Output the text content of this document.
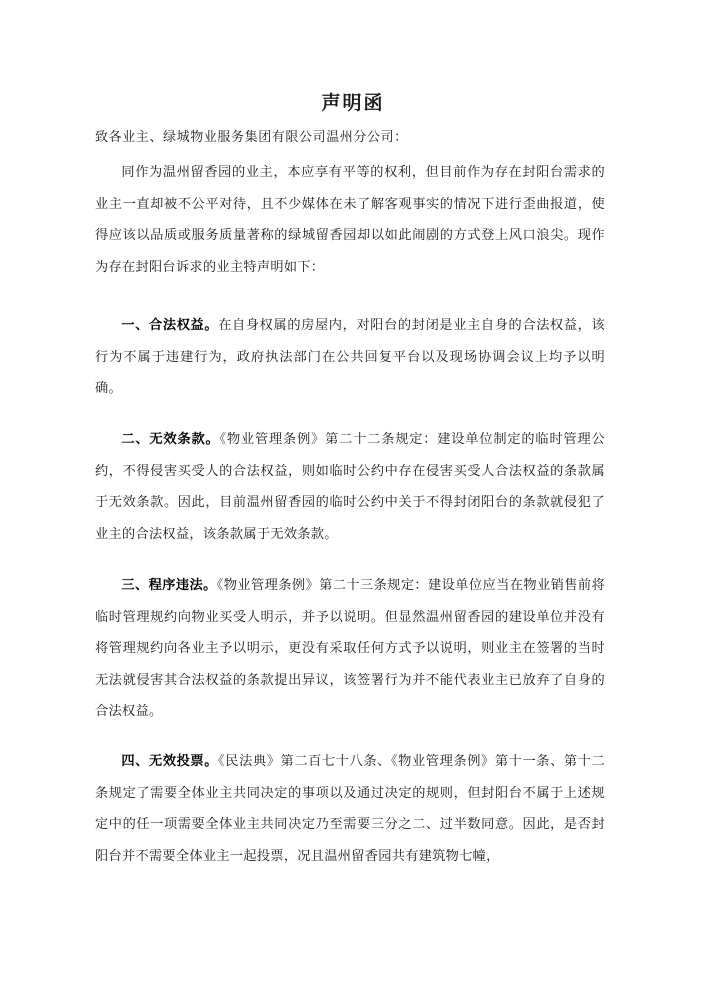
声明函
致各业主、绿城物业服务集团有限公司温州分公司：

同作为温州留香园的业主，本应享有平等的权利，但目前作为存在封阳台需求的业主一直却被不公平对待，且不少媒体在未了解客观事实的情况下进行歪曲报道，使得应该以品质或服务质量著称的绿城留香园却以如此闹剧的方式登上风口浪尖。现作为存在封阳台诉求的业主特声明如下：

一、合法权益。在自身权属的房屋内，对阳台的封闭是业主自身的合法权益，该行为不属于违建行为，政府执法部门在公共回复平台以及现场协调会议上均予以明确。

二、无效条款。《物业管理条例》第二十二条规定：建设单位制定的临时管理公约，不得侵害买受人的合法权益，则如临时公约中存在侵害买受人合法权益的条款属于无效条款。因此，目前温州留香园的临时公约中关于不得封闭阳台的条款就侵犯了业主的合法权益，该条款属于无效条款。

三、程序违法。《物业管理条例》第二十三条规定：建设单位应当在物业销售前将临时管理规约向物业买受人明示，并予以说明。但显然温州留香园的建设单位并没有将管理规约向各业主予以明示，更没有采取任何方式予以说明，则业主在签署的当时无法就侵害其合法权益的条款提出异议，该签署行为并不能代表业主已放弃了自身的合法权益。

四、无效投票。《民法典》第二百七十八条、《物业管理条例》第十一条、第十二条规定了需要全体业主共同决定的事项以及通过决定的规则，但封阳台不属于上述规定中的任一项需要全体业主共同决定乃至需要三分之二、过半数同意。因此，是否封阳台并不需要全体业主一起投票，况且温州留香园共有建筑物七幢，
